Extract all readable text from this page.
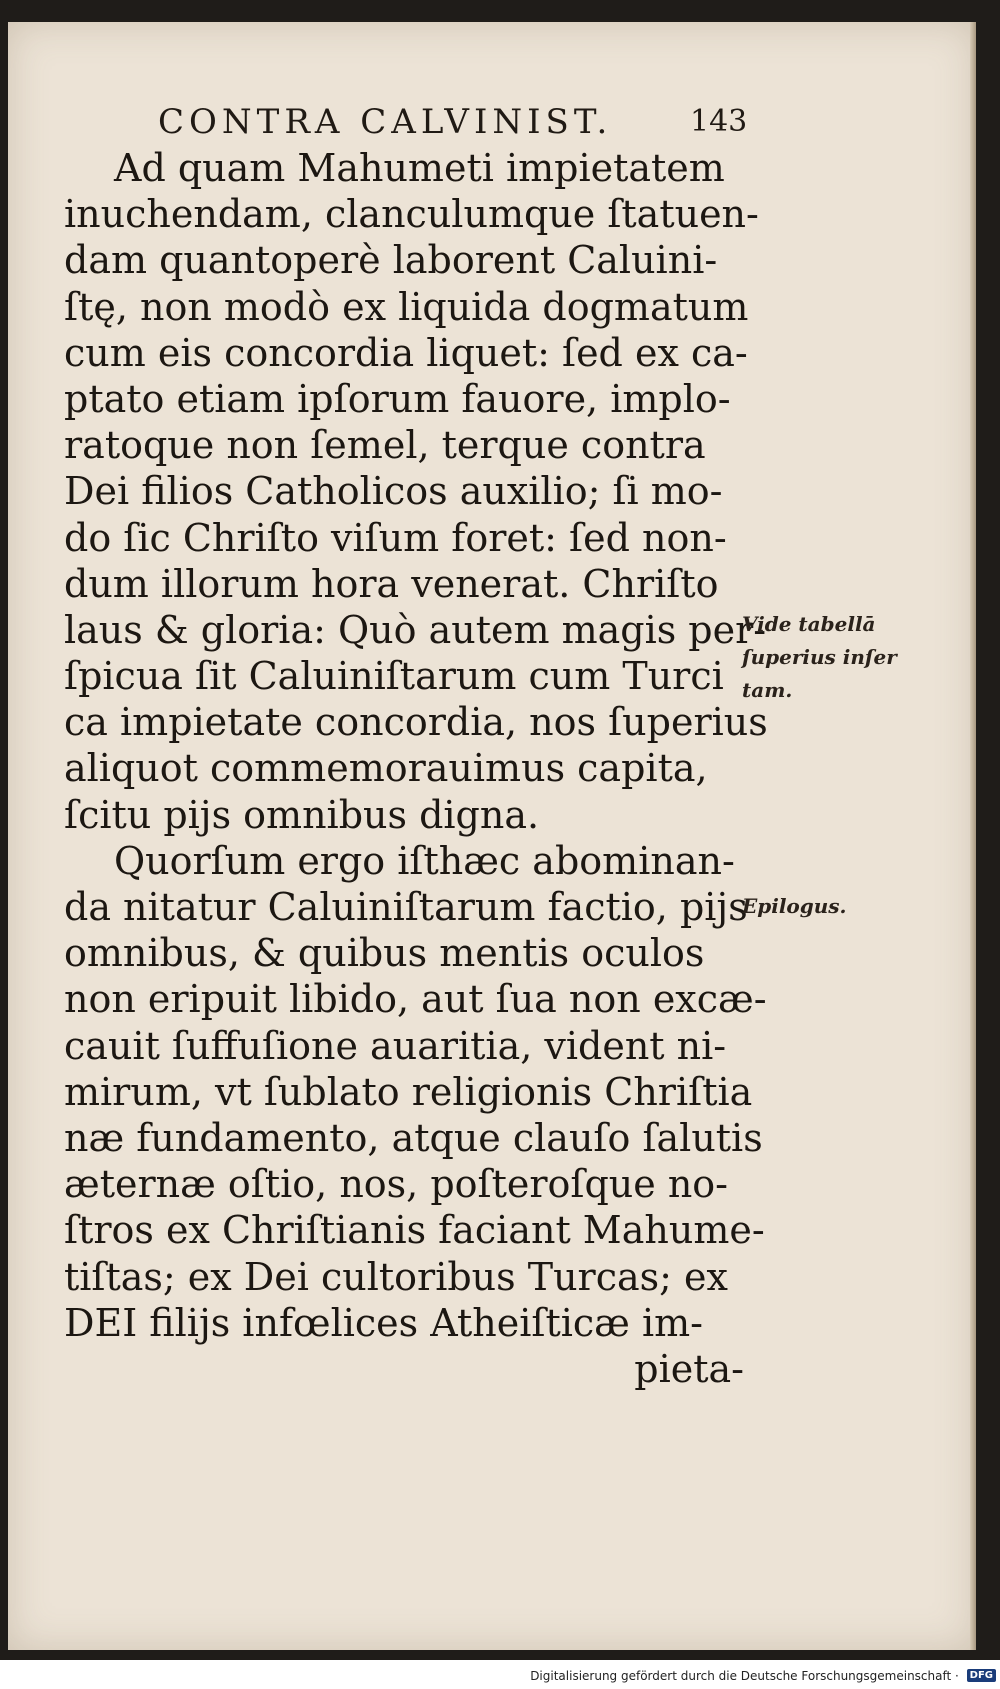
CONTRA CALVINIST.	143
Ad quam Mahumeti impietatem
inuchendam, clanculumque ſtatuen-
dam quantoperè laborent Caluini-
ſtę, non modò ex liquida dogmatum
cum eis concordia liquet: ſed ex ca-
ptato etiam ipſorum fauore, implo-
ratoque non ſemel, terque contra
Dei filios Catholicos auxilio; ſi mo-
do ſic Chriſto viſum foret: ſed non-
dum illorum hora venerat. Chriſto
laus & gloria: Quò autem magis per-
ſpicua ſit Caluiniſtarum cum Turci
ca impietate concordia, nos ſuperius
aliquot commemorauimus capita,
ſcitu pijs omnibus digna.
Quorſum ergo iſthæc abominan-
da nitatur Caluiniſtarum factio, pijs
omnibus, & quibus mentis oculos
non eripuit libido, aut ſua non excæ-
cauit ſuffuſione auaritia, vident ni-
mirum, vt ſublato religionis Chriſtia
næ fundamento, atque clauſo ſalutis
æternæ oſtio, nos, poſteroſque no-
ſtros ex Chriſtianis faciant Mahume-
tiſtas; ex Dei cultoribus Turcas; ex
DEI filijs infœlices Atheiſticæ im-
pieta-
Vide tabellā
ſuperius inſer
tam.
Epilogus.
Digitalisierung gefördert durch die Deutsche Forschungsgemeinschaft · DFG
